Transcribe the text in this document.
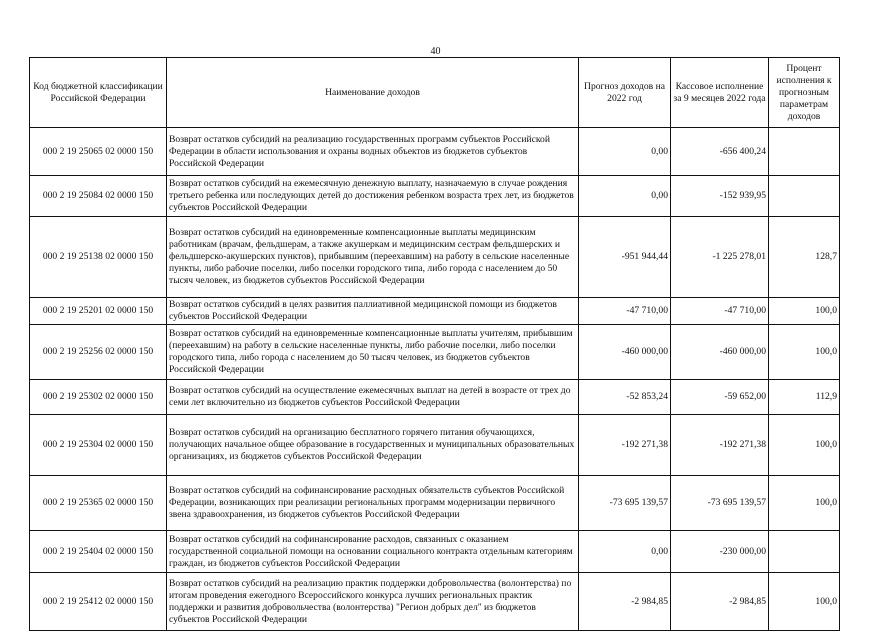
40
Код бюджетной классификации Российской Федерации	Наименование доходов	Прогноз доходов на 2022 год	Кассовое исполнение за 9 месяцев 2022 года	Процент исполнения к прогнозным параметрам доходов
000 2 19 25065 02 0000 150	Возврат остатков субсидий на реализацию государственных программ субъектов Российской Федерации в области использования и охраны водных объектов из бюджетов субъектов Российской Федерации	0,00	-656 400,24	
000 2 19 25084 02 0000 150	Возврат остатков субсидий на ежемесячную денежную выплату, назначаемую в случае рождения третьего ребенка или последующих детей до достижения ребенком возраста трех лет, из бюджетов субъектов Российской Федерации	0,00	-152 939,95	
000 2 19 25138 02 0000 150	Возврат остатков субсидий на единовременные компенсационные выплаты медицинским работникам (врачам, фельдшерам, а также акушеркам и медицинским сестрам фельдшерских и фельдшерско-акушерских пунктов), прибывшим (переехавшим) на работу в сельские населенные пункты, либо рабочие поселки, либо поселки городского типа, либо города с населением до 50 тысяч человек, из бюджетов субъектов Российской Федерации	-951 944,44	-1 225 278,01	128,7
000 2 19 25201 02 0000 150	Возврат остатков субсидий в целях развития паллиативной медицинской помощи из бюджетов субъектов Российской Федерации	-47 710,00	-47 710,00	100,0
000 2 19 25256 02 0000 150	Возврат остатков субсидий на единовременные компенсационные выплаты учителям, прибывшим (переехавшим) на работу в сельские населенные пункты, либо рабочие поселки, либо поселки городского типа, либо города с населением до 50 тысяч человек, из бюджетов субъектов Российской Федерации	-460 000,00	-460 000,00	100,0
000 2 19 25302 02 0000 150	Возврат остатков субсидий на осуществление ежемесячных выплат на детей в возрасте от трех до семи лет включительно из бюджетов субъектов Российской Федерации	-52 853,24	-59 652,00	112,9
000 2 19 25304 02 0000 150	Возврат остатков субсидий на организацию бесплатного горячего питания обучающихся, получающих начальное общее образование в государственных и муниципальных образовательных организациях, из бюджетов субъектов Российской Федерации	-192 271,38	-192 271,38	100,0
000 2 19 25365 02 0000 150	Возврат остатков субсидий на софинансирование расходных обязательств субъектов Российской Федерации, возникающих при реализации региональных программ модернизации первичного звена здравоохранения, из бюджетов субъектов Российской Федерации	-73 695 139,57	-73 695 139,57	100,0
000 2 19 25404 02 0000 150	Возврат остатков субсидий на софинансирование расходов, связанных с оказанием государственной социальной помощи на основании социального контракта отдельным категориям граждан, из бюджетов субъектов Российской Федерации	0,00	-230 000,00	
000 2 19 25412 02 0000 150	Возврат остатков субсидий на реализацию практик поддержки добровольчества (волонтерства) по итогам проведения ежегодного Всероссийского конкурса лучших региональных практик поддержки и развития добровольчества (волонтерства) "Регион добрых дел" из бюджетов субъектов Российской Федерации	-2 984,85	-2 984,85	100,0
